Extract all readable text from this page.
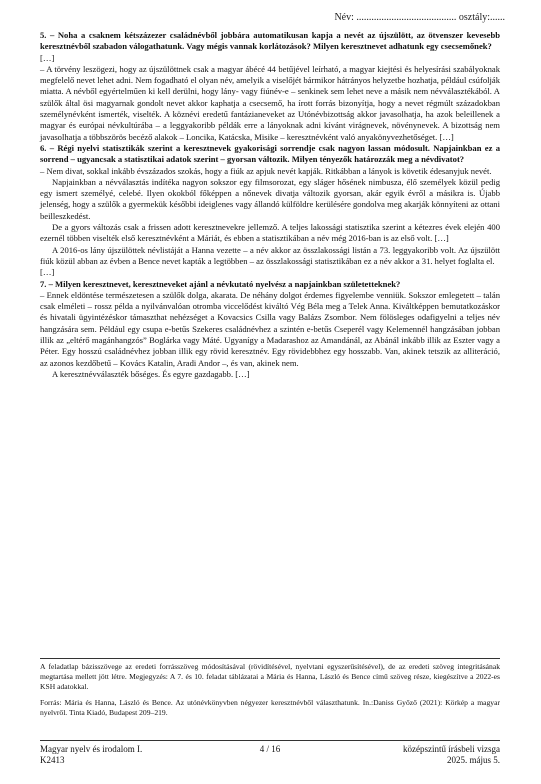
Név: ........................................ osztály:......

5. – Noha a csaknem kétszázezer családnévből jobbára automatikusan kapja a nevét az újszülött, az ötvenszer kevesebb keresztnévből szabadon válogathatunk. Vagy mégis vannak korlátozások? Milyen keresztnevet adhatunk egy csecsemőnek?

[…]

– A törvény leszögezi, hogy az újszülöttnek csak a magyar ábécé 44 betűjével leírható, a magyar kiejtési és helyesírási szabályoknak megfelelő nevet lehet adni. Nem fogadható el olyan név, amelyik a viselőjét bármikor hátrányos helyzetbe hozhatja, például csúfolják miatta. A névből egyértelműen ki kell derülni, hogy lány- vagy fiúnév-e – senkinek sem lehet neve a másik nem névválasztékából. A szülők által ösi magyarnak gondolt nevet akkor kaphatja a csecsemő, ha írott forrás bizonyítja, hogy a nevet régmúlt századokban személynévként ismerték, viselték. A köznévi eredetű fantázianeveket az Utónévbizottság akkor javasolhatja, ha azok beleillenek a magyar és európai névkultúrába – a leggyakoribb példák erre a lányoknak adni kívánt virágnevek, növénynevek. A bizottság nem javasolhatja a többszörös becéző alakok – Loncika, Katácska, Misike – keresztnévként való anyakönyvezhetőséget. […]

6. – Régi nyelvi statisztikák szerint a keresztnevek gyakorisági sorrendje csak nagyon lassan módosult. Napjainkban ez a sorrend – ugyancsak a statisztikai adatok szerint – gyorsan változik. Milyen tényezők határozzák meg a névdivatot?

– Nem divat, sokkal inkább évszázados szokás, hogy a fiúk az apjuk nevét kapják. Ritkábban a lányok is követik édesanyjuk nevét.

Napjainkban a névválasztás indítéka nagyon sokszor egy filmsorozat, egy sláger hősének nimbusza, élő személyek közül pedig egy ismert személyé, celebé. Ilyen okokból főképpen a nőnevek divatja változik gyorsan, akár egyik évről a másikra is. Újabb jelenség, hogy a szülők a gyermekük későbbi ideiglenes vagy állandó külföldre kerülésére gondolva meg akarják könnyíteni az ottani beilleszkedést.

De a gyors változás csak a frissen adott keresztnevekre jellemző. A teljes lakossági statisztika szerint a kétezres évek elején 400 ezernél többen viselték első keresztnévként a Máriát, és ebben a statisztikában a név még 2016-ban is az első volt. […]

A 2016-os lány újszülöttek névlistáját a Hanna vezette – a név akkor az összlakossági listán a 73. leggyakoribb volt. Az újszülött fiúk közül abban az évben a Bence nevet kapták a legtöbben – az összlakossági statisztikában ez a név akkor a 31. helyet foglalta el.

[…]

7. – Milyen keresztnevet, keresztneveket ajánl a névkutató nyelvész a napjainkban születetteknek?

– Ennek eldöntése természetesen a szülők dolga, akarata. De néhány dolgot érdemes figyelembe venniük. Sokszor emlegetett – talán csak elméleti – rossz példa a nyilvánvalóan otromba viccelődést kiváltó Vég Béla meg a Telek Anna. Kiváltképpen bemutatkozáskor és hivatali ügyintézéskor támaszthat nehézséget a Kovacsics Csilla vagy Balázs Zsombor. Nem fölösleges odafigyelni a teljes név hangzására sem. Például egy csupa e-betűs Szekeres családnévhez a szintén e-betűs Cseperél vagy Kelemennél hangzásában jobban illik az „eltérő magánhangzós” Boglárka vagy Máté. Ugyanígy a Madarashoz az Amandánál, az Abánál inkább illik az Eszter vagy a Péter. Egy hosszú családnévhez jobban illik egy rövid keresztnév. Egy rövidebbhez egy hosszabb. Van, akinek tetszik az alliteráció, az azonos kezdőbetű – Kovács Katalin, Aradi Andor –, és van, akinek nem.

A keresztnévválaszték bőséges. És egyre gazdagabb. […]

A feladatlap bázisszövege az eredeti forrásszöveg módosításával (rövidítésével, nyelvtani egyszerűsítésével), de az eredeti szöveg integritásának megtartása mellett jött létre. Megjegyzés: A 7. és 10. feladat táblázatai a Mária és Hanna, László és Bence című szöveg része, kiegészítve a 2022-es KSH adatokkal.

Forrás: Mária és Hanna, László és Bence. Az utónévkönyvben négyezer keresztnévből választhatunk. In.:Daniss Győző (2021): Körkép a magyar nyelvről. Tinta Kiadó, Budapest 209–219.

Magyar nyelv és irodalom I.
K2413
4 / 16	középszintű írásbeli vizsga
2025. május 5.
